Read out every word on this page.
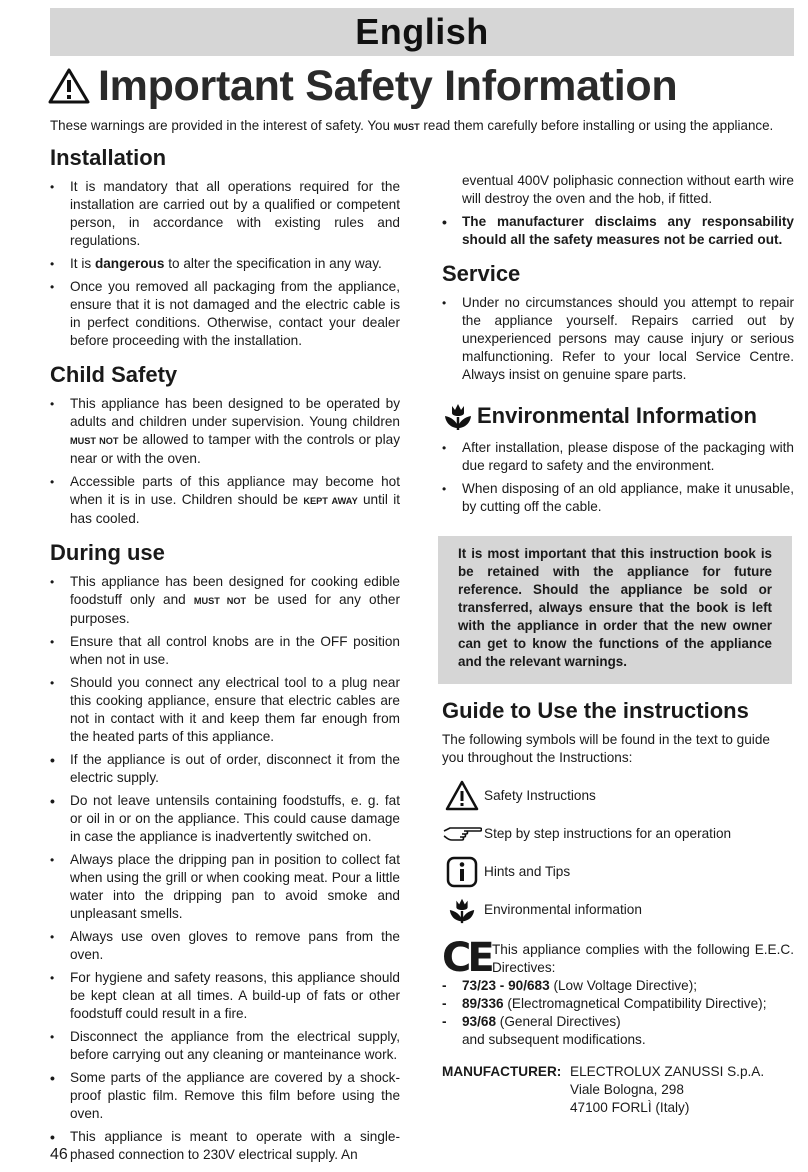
English
Important Safety Information
These warnings are provided in the interest of safety. You MUST read them carefully before installing or using the appliance.
Installation
• It is mandatory that all operations required for the installation are carried out by a qualified or competent person, in accordance with existing rules and regulations.
• It is dangerous to alter the specification in any way.
• Once you removed all packaging from the appliance, ensure that it is not damaged and the electric cable is in perfect conditions. Otherwise, contact your dealer before proceeding with the installation.
Child Safety
• This appliance has been designed to be operated by adults and children under supervision. Young children MUST NOT be allowed to tamper with the controls or play near or with the oven.
• Accessible parts of this appliance may become hot when it is in use. Children should be KEPT AWAY until it has cooled.
During use
• This appliance has been designed for cooking edible foodstuff only and MUST NOT be used for any other purposes.
• Ensure that all control knobs are in the OFF position when not in use.
• Should you connect any electrical tool to a plug near this cooking appliance, ensure that electric cables are not in contact with it and keep them far enough from the heated parts of this appliance.
• If the appliance is out of order, disconnect it from the electric supply.
• Do not leave untensils containing foodstuffs, e. g. fat or oil in or on the appliance. This could cause damage in case the appliance is inadvertently switched on.
• Always place the dripping pan in position to collect fat when using the grill or when cooking meat. Pour a little water into the dripping pan to avoid smoke and unpleasant smells.
• Always use oven gloves to remove pans from the oven.
• For hygiene and safety reasons, this appliance should be kept clean at all times. A build-up of fats or other foodstuff could result in a fire.
• Disconnect the appliance from the electrical supply, before carrying out any cleaning or manteinance work.
• Some parts of the appliance are covered by a shock-proof plastic film. Remove this film before using the oven.
• This appliance is meant to operate with a single-phased connection to 230V electrical supply. An
eventual 400V poliphasic connection without earth wire will destroy the oven and the hob, if fitted.
• The manufacturer disclaims any responsability should all the safety measures not be carried out.
Service
• Under no circumstances should you attempt to repair the appliance yourself. Repairs carried out by unexperienced persons may cause injury or serious malfunctioning. Refer to your local Service Centre. Always insist on genuine spare parts.
Environmental Information
• After installation, please dispose of the packaging with due regard to safety and the environment.
• When disposing of an old appliance, make it unusable, by cutting off the cable.
It is most important that this instruction book is be retained with the appliance for future reference. Should the appliance be sold or transferred, always ensure that the book is left with the appliance in order that the new owner can get to know the functions of the appliance and the relevant warnings.
Guide to Use the instructions
The following symbols will be found in the text to guide you throughout the Instructions:
Safety Instructions
Step by step instructions for an operation
Hints and Tips
Environmental information
CE This appliance complies with the following E.E.C. Directives:
-	73/23 - 90/683 (Low Voltage Directive);
-	89/336 (Electromagnetical Compatibility Directive);
-	93/68 (General Directives)
and subsequent modifications.
MANUFACTURER: ELECTROLUX ZANUSSI S.p.A.
Viale Bologna, 298
47100 FORLÌ (Italy)
46
